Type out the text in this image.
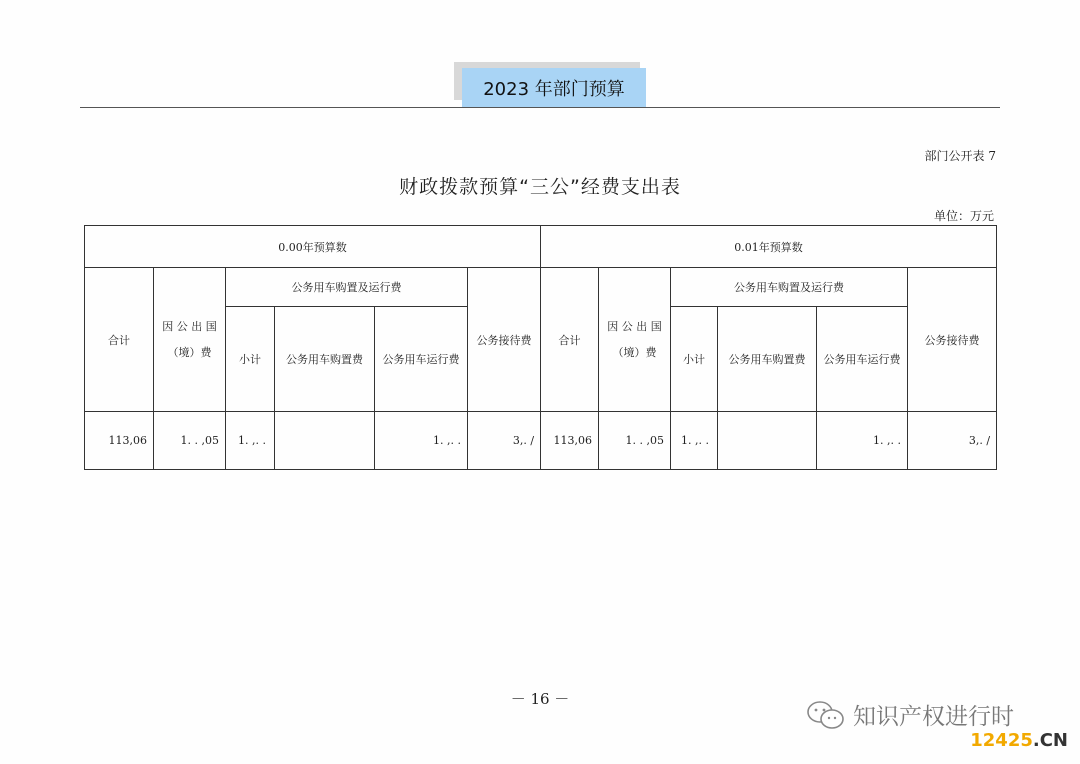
2023 年部门预算
部门公开表 7
财政拨款预算“三公”经费支出表
单位：万元
0.00年预算数						0.01年预算数					
合计	因 公 出 国（境）费	公务用车购置及运行费			公务接待费	合计	因 公 出 国（境）费	公务用车购置及运行费			公务接待费
		小计	公务用车购置费	公务用车运行费				小计	公务用车购置费	公务用车运行费	
113,06	1. . ,05	1. ,. .		1. ,. .	3,. /	113,06	1. . ,05	1. ,. .		1. ,. .	3,. /
－ 16 －
知识产权进行时
12425.CN
